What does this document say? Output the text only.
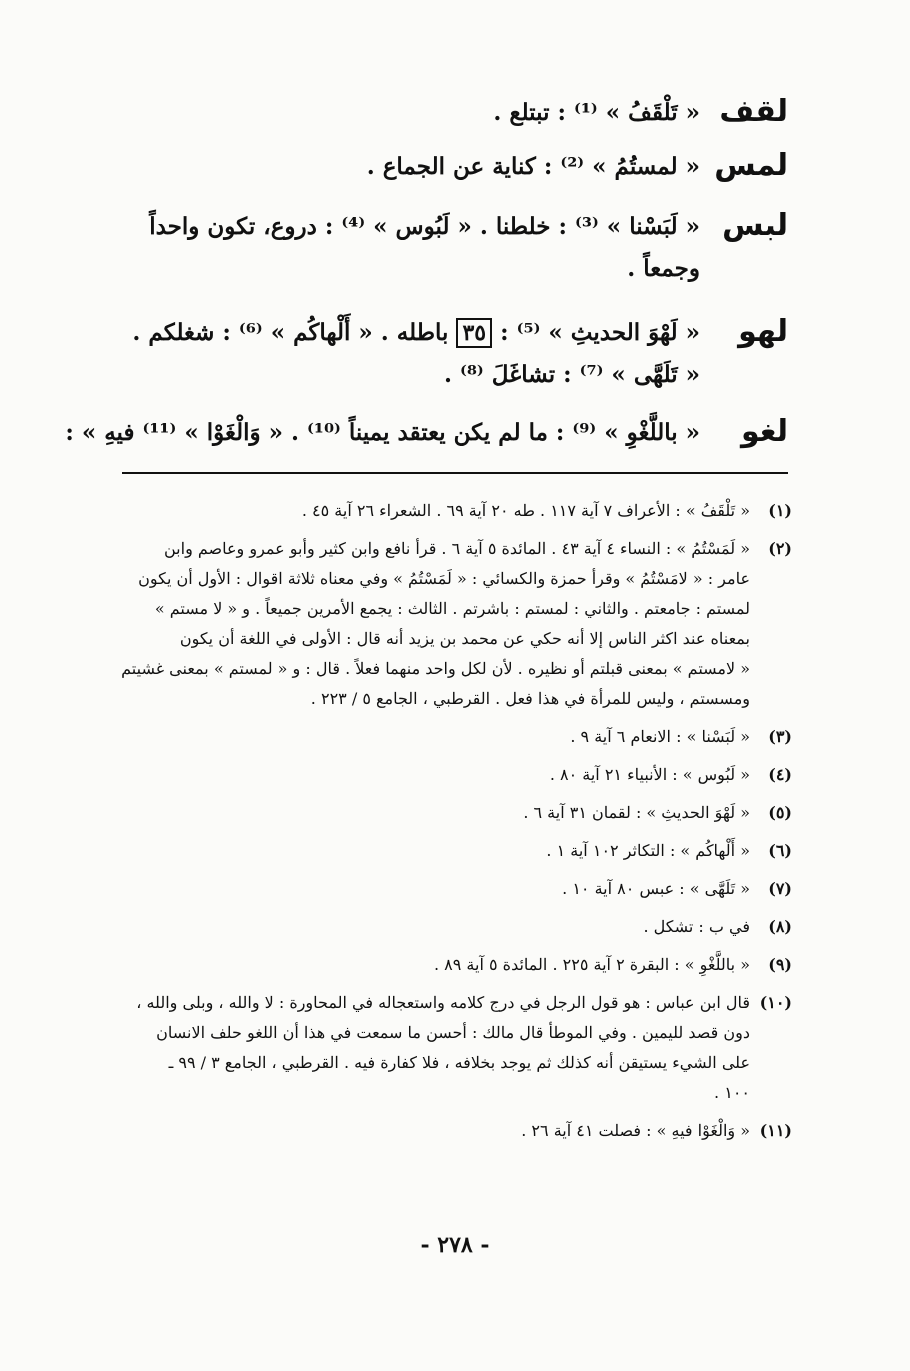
لقف
« تَلْقَفُ » ⁽¹⁾ : تبتلع .
لمس
« لمستُمُ » ⁽²⁾ : كناية عن الجماع .
لبس
« لَبَسْنا » ⁽³⁾ : خلطنا . « لَبُوس » ⁽⁴⁾ : دروع، تكون واحداً
وجمعاً .
لهو
« لَهْوَ الحديثِ » ⁽⁵⁾ : ٣٥ باطله . « أَلْهاكُم » ⁽⁶⁾ : شغلكم .
« تَلَهَّى » ⁽⁷⁾ : تشاغَلَ ⁽⁸⁾ .
لغو
« باللَّغْوِ » ⁽⁹⁾ : ما لم يكن يعتقد يميناً ⁽¹⁰⁾ . « وَالْغَوْا » ⁽¹¹⁾ فيهِ » :
(١)
« تَلْقَفُ » : الأعراف ٧ آية ١١٧ . طه ٢٠ آية ٦٩ . الشعراء ٢٦ آية ٤٥ .
(٢)
« لَمَسْتُمُ » : النساء ٤ آية ٤٣ . المائدة ٥ آية ٦ . قرأ نافع وابن كثير وأبو عمرو وعاصم وابن
عامر : « لامَسْتُمُ » وقرأ حمزة والكسائي : « لَمَسْتُمُ » وفي معناه ثلاثة اقوال : الأول أن يكون
لمستم : جامعتم . والثاني : لمستم : باشرتم . الثالث : يجمع الأمرين جميعاً . و « لا مستم »
بمعناه عند اكثر الناس إلا أنه حكي عن محمد بن يزيد أنه قال : الأولى في اللغة أن يكون
« لامستم » بمعنى قبلتم أو نظيره . لأن لكل واحد منهما فعلاً . قال : و « لمستم » بمعنى غشيتم
ومسستم ، وليس للمرأة في هذا فعل . القرطبي ، الجامع ٥ / ٢٢٣ .
(٣)
« لَبَسْنا » : الانعام ٦ آية ٩ .
(٤)
« لَبُوس » : الأنبياء ٢١ آية ٨٠ .
(٥)
« لَهْوَ الحديثِ » : لقمان ٣١ آية ٦ .
(٦)
« أَلْهاكُم » : التكاثر ١٠٢ آية ١ .
(٧)
« تَلَهَّى » : عبس ٨٠ آية ١٠ .
(٨)
في ب : تشكل .
(٩)
« باللَّغْوِ » : البقرة ٢ آية ٢٢٥ . المائدة ٥ آية ٨٩ .
(١٠)
قال ابن عباس : هو قول الرجل في درج كلامه واستعجاله في المحاورة : لا والله ، وبلى والله ،
دون قصد لليمين . وفي الموطأ قال مالك : أحسن ما سمعت في هذا أن اللغو حلف الانسان
على الشيء يستيقن أنه كذلك ثم يوجد بخلافه ، فلا كفارة فيه . القرطبي ، الجامع ٣ / ٩٩ ـ
١٠٠ .
(١١)
« وَالْغَوْا فيهِ » : فصلت ٤١ آية ٢٦ .
- ٢٧٨ -
